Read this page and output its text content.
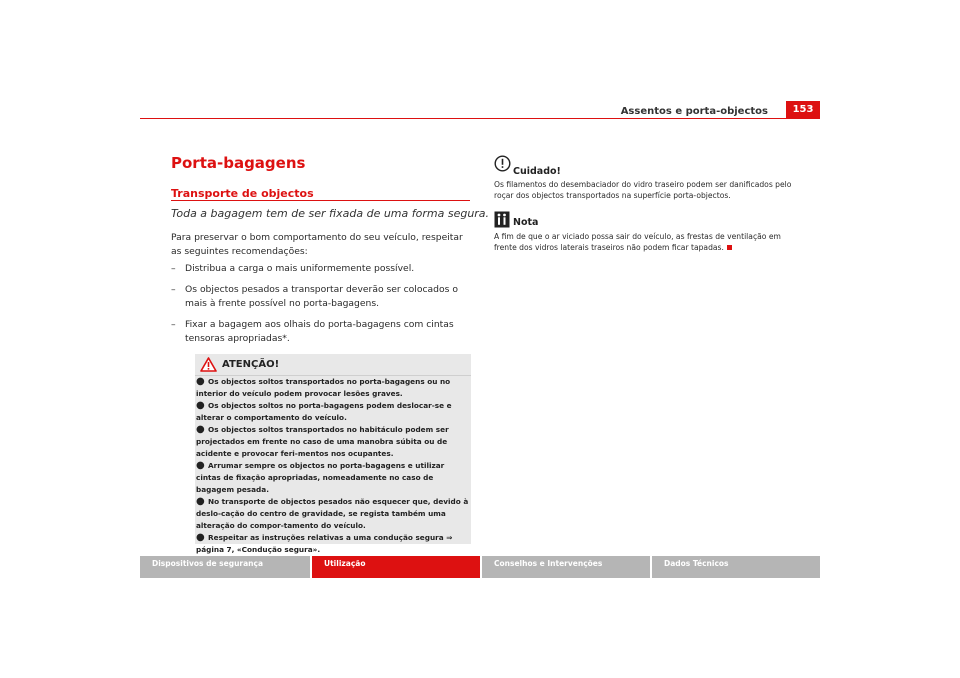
Assentos e porta-objectos	153
Porta-bagagens
Transporte de objectos
Toda a bagagem tem de ser fixada de uma forma segura.
Para preservar o bom comportamento do seu veículo, respeitar as seguintes recomendações:
– Distribua a carga o mais uniformemente possível.
– Os objectos pesados a transportar deverão ser colocados o mais à frente possível no porta-bagagens.
– Fixar a bagagem aos olhais do porta-bagagens com cintas tensoras apropriadas*.
ATENÇÃO!
● Os objectos soltos transportados no porta-bagagens ou no interior do veículo podem provocar lesões graves.
● Os objectos soltos no porta-bagagens podem deslocar-se e alterar o comportamento do veículo.
● Os objectos soltos transportados no habitáculo podem ser projectados em frente no caso de uma manobra súbita ou de acidente e provocar feri-mentos nos ocupantes.
● Arrumar sempre os objectos no porta-bagagens e utilizar cintas de fixação apropriadas, nomeadamente no caso de bagagem pesada.
● No transporte de objectos pesados não esquecer que, devido à deslo-cação do centro de gravidade, se regista também uma alteração do compor-tamento do veículo.
● Respeitar as instruções relativas a uma condução segura ⇒ página 7, «Condução segura».
Cuidado!
Os filamentos do desembaciador do vidro traseiro podem ser danificados pelo roçar dos objectos transportados na superfície porta-objectos.
Nota
A fim de que o ar viciado possa sair do veículo, as frestas de ventilação em frente dos vidros laterais traseiros não podem ficar tapadas.
Dispositivos de segurança	Utilização	Conselhos e Intervenções	Dados Técnicos
